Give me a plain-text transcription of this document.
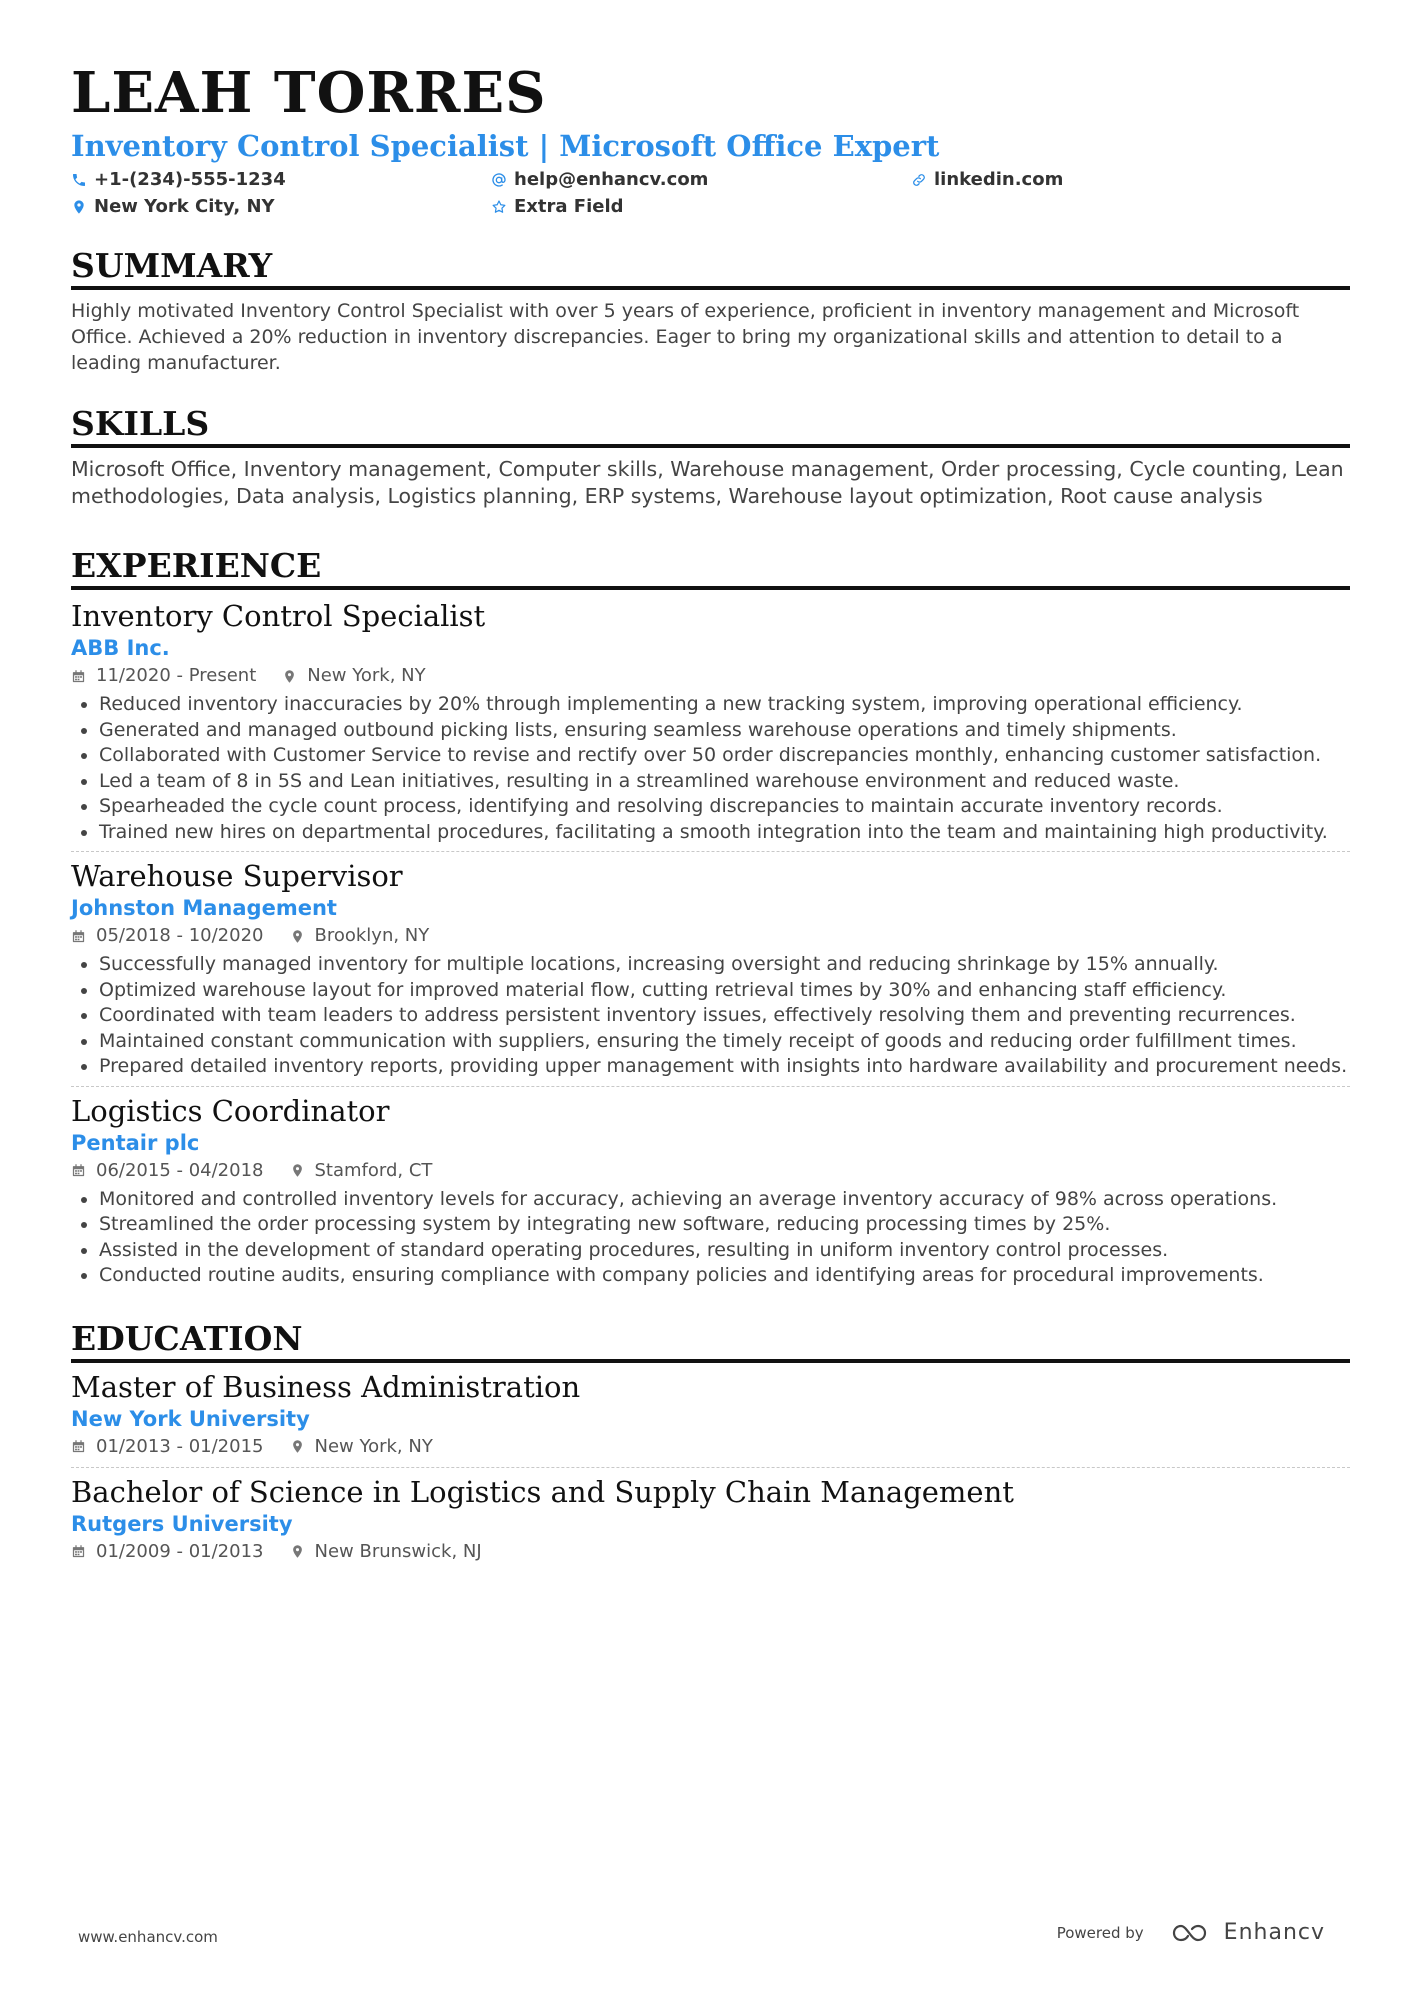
LEAH TORRES
Inventory Control Specialist | Microsoft Office Expert
+1-(234)-555-1234	help@enhancv.com	linkedin.com
New York City, NY	Extra Field
SUMMARY

Highly motivated Inventory Control Specialist with over 5 years of experience, proficient in inventory management and Microsoft Office. Achieved a 20% reduction in inventory discrepancies. Eager to bring my organizational skills and attention to detail to a leading manufacturer.

SKILLS

Microsoft Office, Inventory management, Computer skills, Warehouse management, Order processing, Cycle counting, Lean methodologies, Data analysis, Logistics planning, ERP systems, Warehouse layout optimization, Root cause analysis

EXPERIENCE
Inventory Control Specialist
ABB Inc.
11/2020 - Present	New York, NY
• Reduced inventory inaccuracies by 20% through implementing a new tracking system, improving operational efficiency.
• Generated and managed outbound picking lists, ensuring seamless warehouse operations and timely shipments.
• Collaborated with Customer Service to revise and rectify over 50 order discrepancies monthly, enhancing customer satisfaction.
• Led a team of 8 in 5S and Lean initiatives, resulting in a streamlined warehouse environment and reduced waste.
• Spearheaded the cycle count process, identifying and resolving discrepancies to maintain accurate inventory records.
• Trained new hires on departmental procedures, facilitating a smooth integration into the team and maintaining high productivity.
Warehouse Supervisor
Johnston Management
05/2018 - 10/2020	Brooklyn, NY
• Successfully managed inventory for multiple locations, increasing oversight and reducing shrinkage by 15% annually.
• Optimized warehouse layout for improved material flow, cutting retrieval times by 30% and enhancing staff efficiency.
• Coordinated with team leaders to address persistent inventory issues, effectively resolving them and preventing recurrences.
• Maintained constant communication with suppliers, ensuring the timely receipt of goods and reducing order fulfillment times.
• Prepared detailed inventory reports, providing upper management with insights into hardware availability and procurement needs.
Logistics Coordinator
Pentair plc
06/2015 - 04/2018	Stamford, CT
• Monitored and controlled inventory levels for accuracy, achieving an average inventory accuracy of 98% across operations.
• Streamlined the order processing system by integrating new software, reducing processing times by 25%.
• Assisted in the development of standard operating procedures, resulting in uniform inventory control processes.
• Conducted routine audits, ensuring compliance with company policies and identifying areas for procedural improvements.
EDUCATION
Master of Business Administration
New York University
01/2013 - 01/2015	New York, NY
Bachelor of Science in Logistics and Supply Chain Management
Rutgers University
01/2009 - 01/2013	New Brunswick, NJ
www.enhancv.com	Powered by	Enhancv
